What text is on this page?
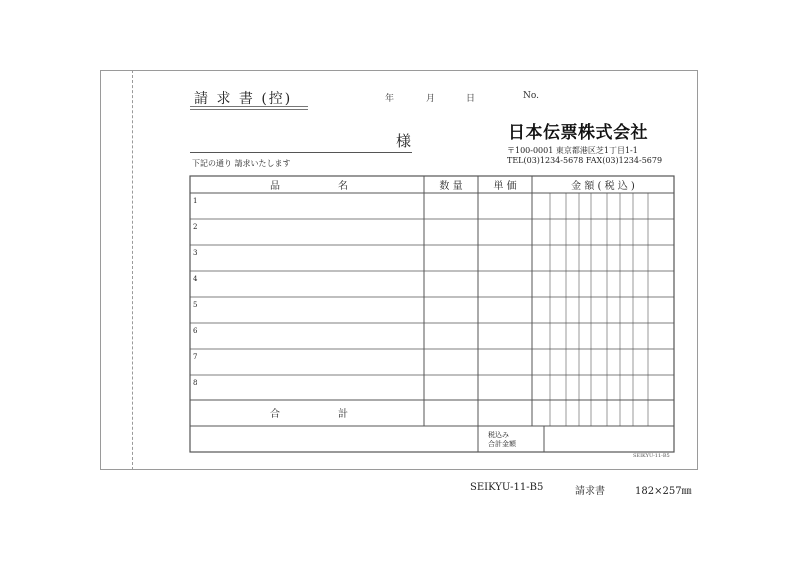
請 求 書 (控)	年	月	日	No.
様
下記の通り 請求いたします
日本伝票株式会社
〒100-0001 東京都港区芝1丁目1-1
TEL(03)1234-5678 FAX(03)1234-5679
品	名	数 量	単 価	金 額 ( 税 込 )
1
2
3
4
5
6
7
8
合	計
税込み
合計金額
SEIKYU-11-B5
SEIKYU-11-B5	請求書	182×257㎜
